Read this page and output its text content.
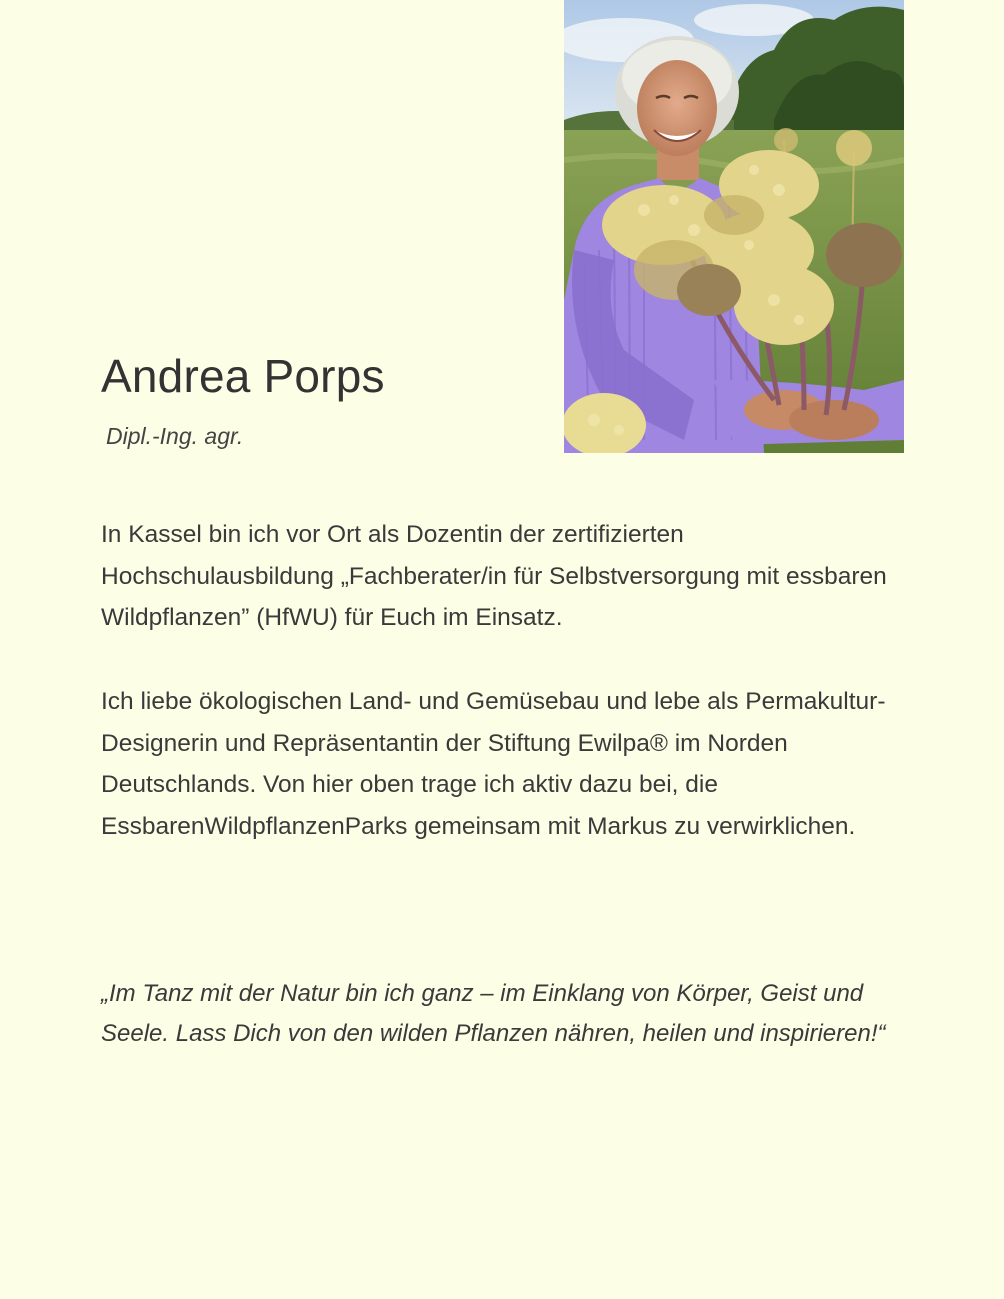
Andrea Porps
Dipl.-Ing. agr.

In Kassel bin ich vor Ort als Dozentin der zertifizierten Hochschulausbildung „Fachberater/in für Selbstversorgung mit essbaren Wildpflanzen” (HfWU) für Euch im Einsatz.

Ich liebe ökologischen Land- und Gemüsebau und lebe als Permakultur-Designerin und Repräsentantin der Stiftung Ewilpa® im Norden Deutschlands. Von hier oben trage ich aktiv dazu bei, die EssbarenWildpflanzenParks gemeinsam mit Markus zu verwirklichen.

„Im Tanz mit der Natur bin ich ganz – im Einklang von Körper, Geist und Seele. Lass Dich von den wilden Pflanzen nähren, heilen und inspirieren!“
